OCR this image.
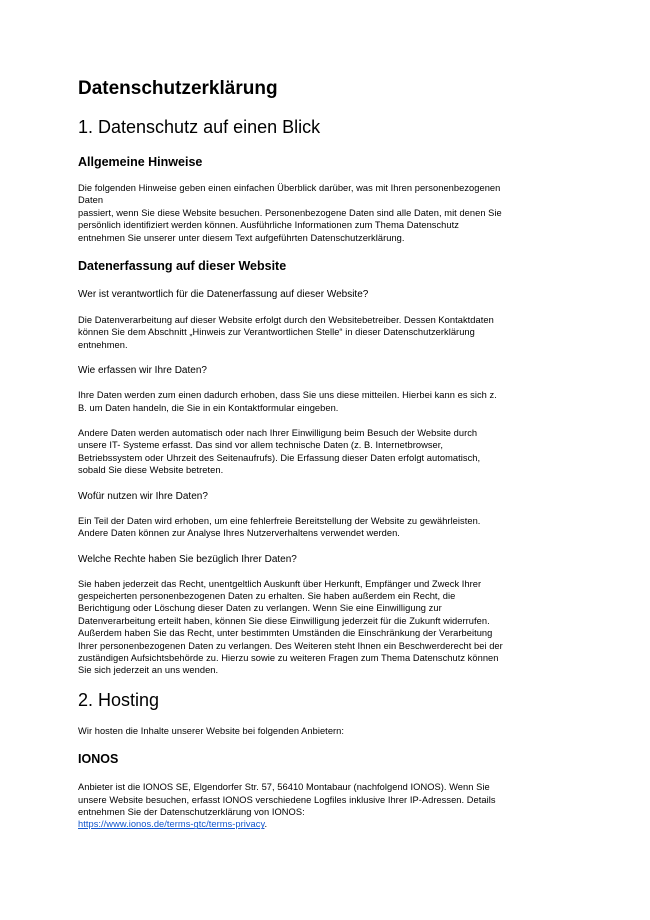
Datenschutzerklärung
1. Datenschutz auf einen Blick
Allgemeine Hinweise
Die folgenden Hinweise geben einen einfachen Überblick darüber, was mit Ihren personenbezogenen
Daten
passiert, wenn Sie diese Website besuchen. Personenbezogene Daten sind alle Daten, mit denen Sie
persönlich identifiziert werden können. Ausführliche Informationen zum Thema Datenschutz
entnehmen Sie unserer unter diesem Text aufgeführten Datenschutzerklärung.
Datenerfassung auf dieser Website
Wer ist verantwortlich für die Datenerfassung auf dieser Website?
Die Datenverarbeitung auf dieser Website erfolgt durch den Websitebetreiber. Dessen Kontaktdaten
können Sie dem Abschnitt „Hinweis zur Verantwortlichen Stelle“ in dieser Datenschutzerklärung
entnehmen.
Wie erfassen wir Ihre Daten?
Ihre Daten werden zum einen dadurch erhoben, dass Sie uns diese mitteilen. Hierbei kann es sich z.
B. um Daten handeln, die Sie in ein Kontaktformular eingeben.
Andere Daten werden automatisch oder nach Ihrer Einwilligung beim Besuch der Website durch
unsere IT- Systeme erfasst. Das sind vor allem technische Daten (z. B. Internetbrowser,
Betriebssystem oder Uhrzeit des Seitenaufrufs). Die Erfassung dieser Daten erfolgt automatisch,
sobald Sie diese Website betreten.
Wofür nutzen wir Ihre Daten?
Ein Teil der Daten wird erhoben, um eine fehlerfreie Bereitstellung der Website zu gewährleisten.
Andere Daten können zur Analyse Ihres Nutzerverhaltens verwendet werden.
Welche Rechte haben Sie bezüglich Ihrer Daten?
Sie haben jederzeit das Recht, unentgeltlich Auskunft über Herkunft, Empfänger und Zweck Ihrer
gespeicherten personenbezogenen Daten zu erhalten. Sie haben außerdem ein Recht, die
Berichtigung oder Löschung dieser Daten zu verlangen. Wenn Sie eine Einwilligung zur
Datenverarbeitung erteilt haben, können Sie diese Einwilligung jederzeit für die Zukunft widerrufen.
Außerdem haben Sie das Recht, unter bestimmten Umständen die Einschränkung der Verarbeitung
Ihrer personenbezogenen Daten zu verlangen. Des Weiteren steht Ihnen ein Beschwerderecht bei der
zuständigen Aufsichtsbehörde zu. Hierzu sowie zu weiteren Fragen zum Thema Datenschutz können
Sie sich jederzeit an uns wenden.
2. Hosting
Wir hosten die Inhalte unserer Website bei folgenden Anbietern:
IONOS
Anbieter ist die IONOS SE, Elgendorfer Str. 57, 56410 Montabaur (nachfolgend IONOS). Wenn Sie
unsere Website besuchen, erfasst IONOS verschiedene Logfiles inklusive Ihrer IP-Adressen. Details
entnehmen Sie der Datenschutzerklärung von IONOS:
https://www.ionos.de/terms-gtc/terms-privacy.
